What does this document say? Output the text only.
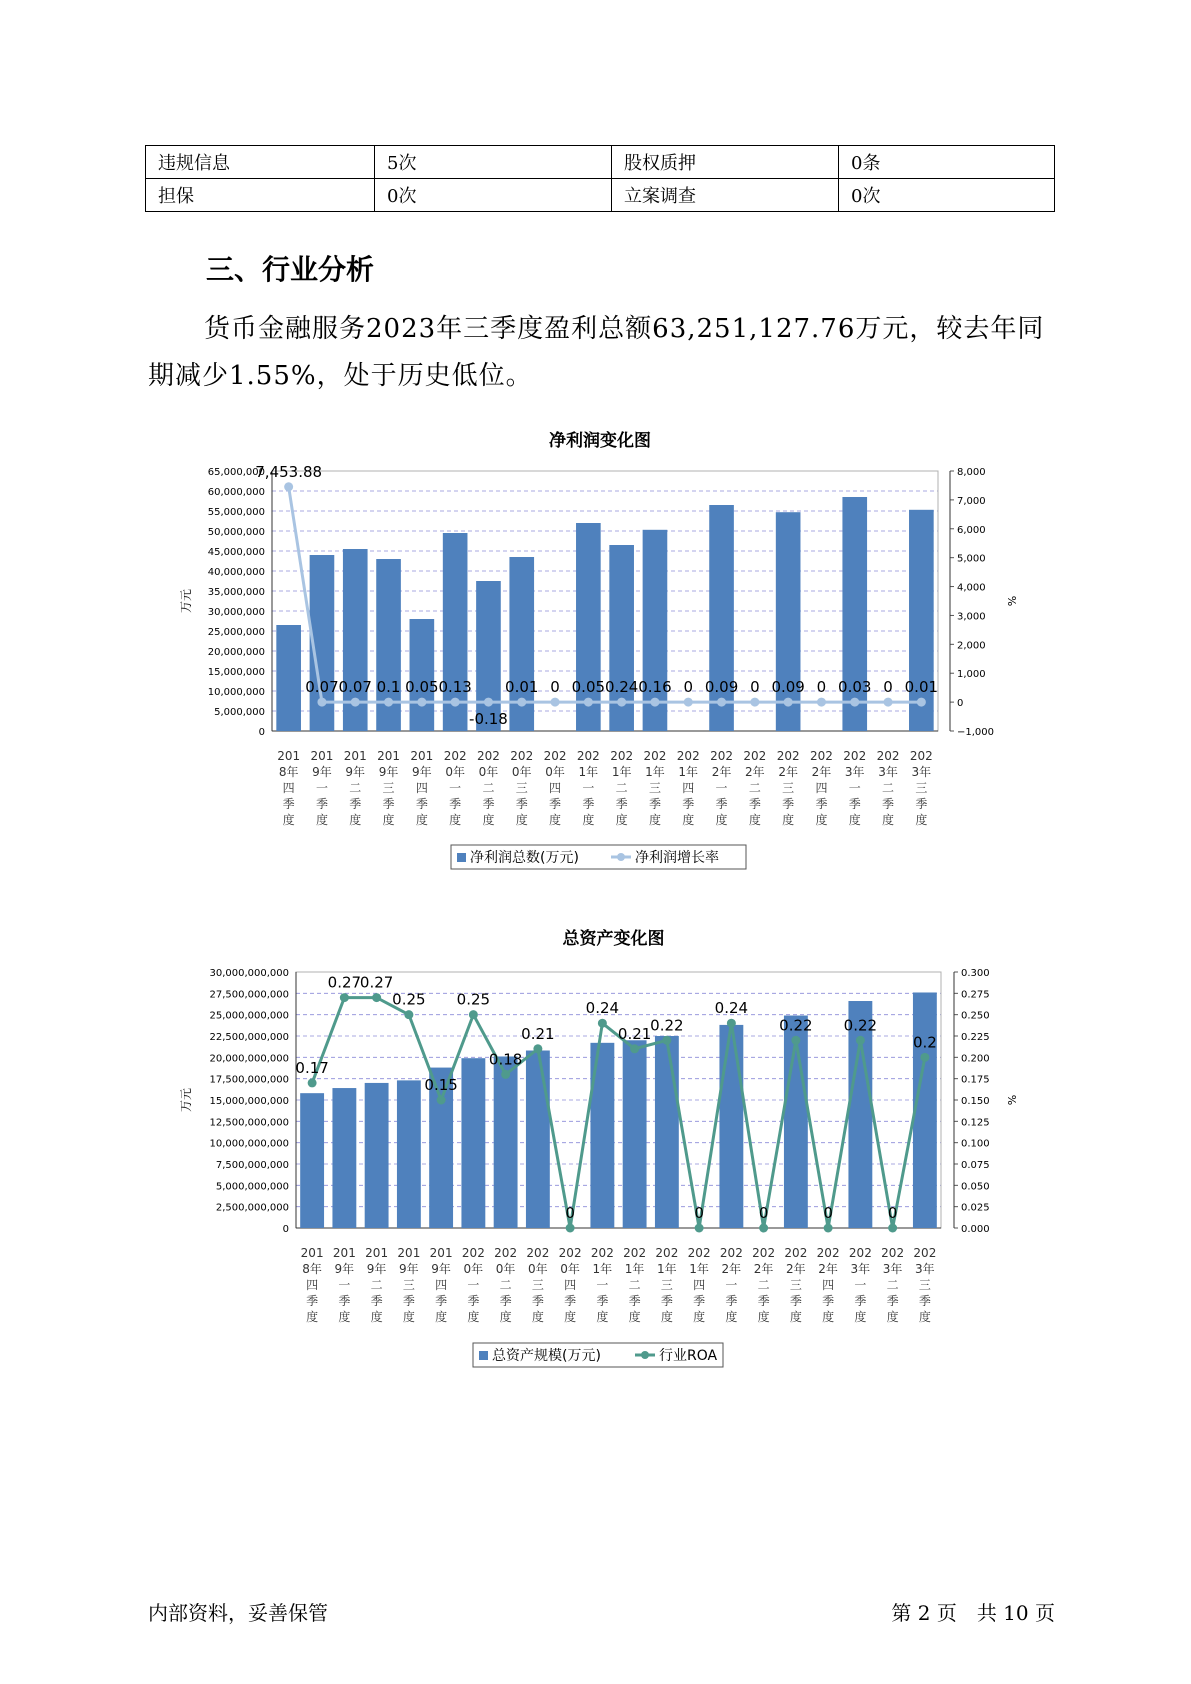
违规信息	5次	股权质押	0条
担保	0次	立案调查	0次
三、行业分析

货币金融服务2023年三季度盈利总额63,251,127.76万元，较去年同期减少1.55%，处于历史低位。

净利润变化图
0
5,000,000
10,000,000
15,000,000
20,000,000
25,000,000
30,000,000
35,000,000
40,000,000
45,000,000
50,000,000
55,000,000
60,000,000
65,000,000
−1,000
0
1,000
2,000
3,000
4,000
5,000
6,000
7,000
8,000
万元	%
201 8年四季度
201 9年一季度
201 9年二季度
201 9年三季度
201 9年四季度
202 0年一季度
202 0年二季度
202 0年三季度
202 0年四季度
202 1年一季度
202 1年二季度
202 1年三季度
202 1年四季度
202 2年一季度
202 2年二季度
202 2年三季度
202 2年四季度
202 3年一季度
202 3年二季度
202 3年三季度
7,453.88
0.07 0.07 0.1 0.05 0.13
-0.18
0.01 0 0.05 0.24 0.16 0 0.09 0 0.09 0 0.03 0 0.01
净利润总数(万元)	净利润增长率
总资产变化图
0
2,500,000,000
5,000,000,000
7,500,000,000
10,000,000,000
12,500,000,000
15,000,000,000
17,500,000,000
20,000,000,000
22,500,000,000
25,000,000,000
27,500,000,000
30,000,000,000
0.000
0.025
0.050
0.075
0.100
0.125
0.150
0.175
0.200
0.225
0.250
0.275
0.300
万元	%
201 8年四季度
201 9年一季度
201 9年二季度
201 9年三季度
201 9年四季度
202 0年一季度
202 0年二季度
202 0年三季度
202 0年四季度
202 1年一季度
202 1年二季度
202 1年三季度
202 1年四季度
202 2年一季度
202 2年二季度
202 2年三季度
202 2年四季度
202 3年一季度
202 3年二季度
202 3年三季度
0.17
0.27
0.27
0.25
0.15
0.25
0.18
0.21
0
0.24
0.21
0.22
0
0.24
0
0.22
0
0.22
0
0.2
总资产规模(万元)	行业ROA
内部资料，妥善保管	第 2 页　共 10 页
